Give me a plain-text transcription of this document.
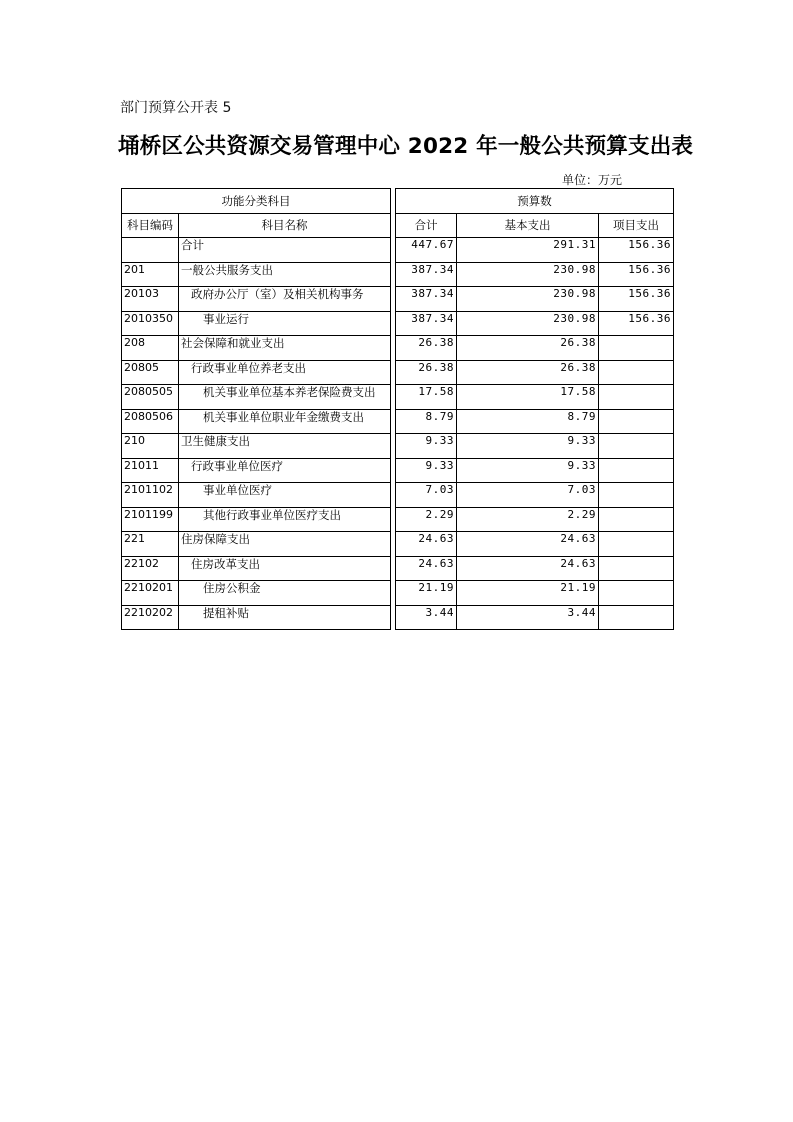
部门预算公开表 5
埇桥区公共资源交易管理中心 2022 年一般公共预算支出表
单位：万元
功能分类科目			预算数		
科目编码	科目名称		合计	基本支出	项目支出
	合计		447.67	291.31	156.36
201	一般公共服务支出		387.34	230.98	156.36
20103	政府办公厅（室）及相关机构事务		387.34	230.98	156.36
2010350	事业运行		387.34	230.98	156.36
208	社会保障和就业支出		26.38	26.38	
20805	行政事业单位养老支出		26.38	26.38	
2080505	机关事业单位基本养老保险费支出		17.58	17.58	
2080506	机关事业单位职业年金缴费支出		8.79	8.79	
210	卫生健康支出		9.33	9.33	
21011	行政事业单位医疗		9.33	9.33	
2101102	事业单位医疗		7.03	7.03	
2101199	其他行政事业单位医疗支出		2.29	2.29	
221	住房保障支出		24.63	24.63	
22102	住房改革支出		24.63	24.63	
2210201	住房公积金		21.19	21.19	
2210202	提租补贴		3.44	3.44	
